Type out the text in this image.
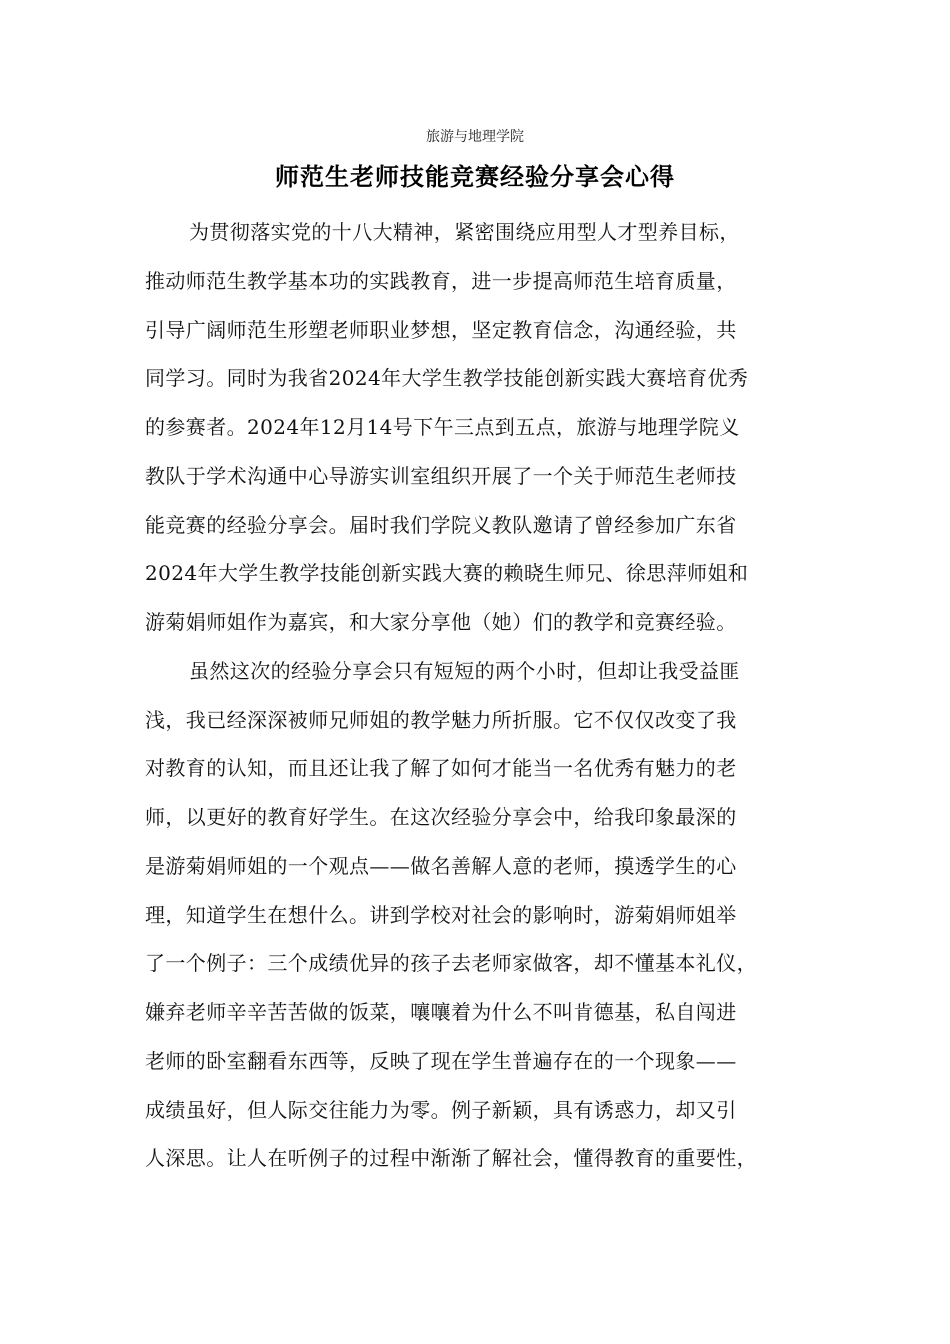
旅游与地理学院
师范生老师技能竞赛经验分享会心得
为贯彻落实党的十八大精神，紧密围绕应用型人才型养目标，
推动师范生教学基本功的实践教育，进一步提高师范生培育质量，
引导广阔师范生形塑老师职业梦想，坚定教育信念，沟通经验，共
同学习。同时为我省2024年大学生教学技能创新实践大赛培育优秀
的参赛者。2024年12月14号下午三点到五点，旅游与地理学院义
教队于学术沟通中心导游实训室组织开展了一个关于师范生老师技
能竞赛的经验分享会。届时我们学院义教队邀请了曾经参加广东省
2024年大学生教学技能创新实践大赛的赖晓生师兄、徐思萍师姐和
游菊娟师姐作为嘉宾，和大家分享他（她）们的教学和竞赛经验。
虽然这次的经验分享会只有短短的两个小时，但却让我受益匪
浅，我已经深深被师兄师姐的教学魅力所折服。它不仅仅改变了我
对教育的认知，而且还让我了解了如何才能当一名优秀有魅力的老
师，以更好的教育好学生。在这次经验分享会中，给我印象最深的
是游菊娟师姐的一个观点——做名善解人意的老师，摸透学生的心
理，知道学生在想什么。讲到学校对社会的影响时，游菊娟师姐举
了一个例子：三个成绩优异的孩子去老师家做客，却不懂基本礼仪，
嫌弃老师辛辛苦苦做的饭菜，嚷嚷着为什么不叫肯德基，私自闯进
老师的卧室翻看东西等，反映了现在学生普遍存在的一个现象——
成绩虽好，但人际交往能力为零。例子新颖，具有诱惑力，却又引
人深思。让人在听例子的过程中渐渐了解社会，懂得教育的重要性，
